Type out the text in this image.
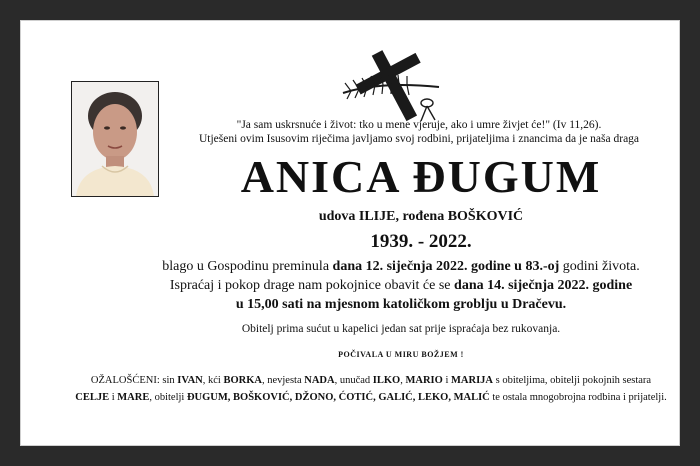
"Ja sam uskrsnuće i život: tko u mene vjeruje, ako i umre živjet će!" (Iv 11,26).
Utješeni ovim Isusovim riječima javljamo svoj rodbini, prijateljima i znancima da je naša draga
ANICA ĐUGUM
udova ILIJE, rođena BOŠKOVIĆ
1939. - 2022.
blago u Gospodinu preminula dana 12. siječnja 2022. godine u 83.-oj godini života.
Ispraćaj i pokop drage nam pokojnice obavit će se dana 14. siječnja 2022. godine
u 15,00 sati na mjesnom katoličkom groblju u Dračevu.
Obitelj prima sućut u kapelici jedan sat prije ispraćaja bez rukovanja.
POČIVALA U MIRU BOŽJEM !
OŽALOŠĆENI: sin IVAN, kći BORKA, nevjesta NADA, unučad ILKO, MARIO i MARIJA s obiteljima, obitelji pokojnih sestara
CELJE i MARE, obitelji ĐUGUM, BOŠKOVIĆ, DŽONO, ĆOTIĆ, GALIĆ, LEKO, MALIĆ te ostala mnogobrojna rodbina i prijatelji.
